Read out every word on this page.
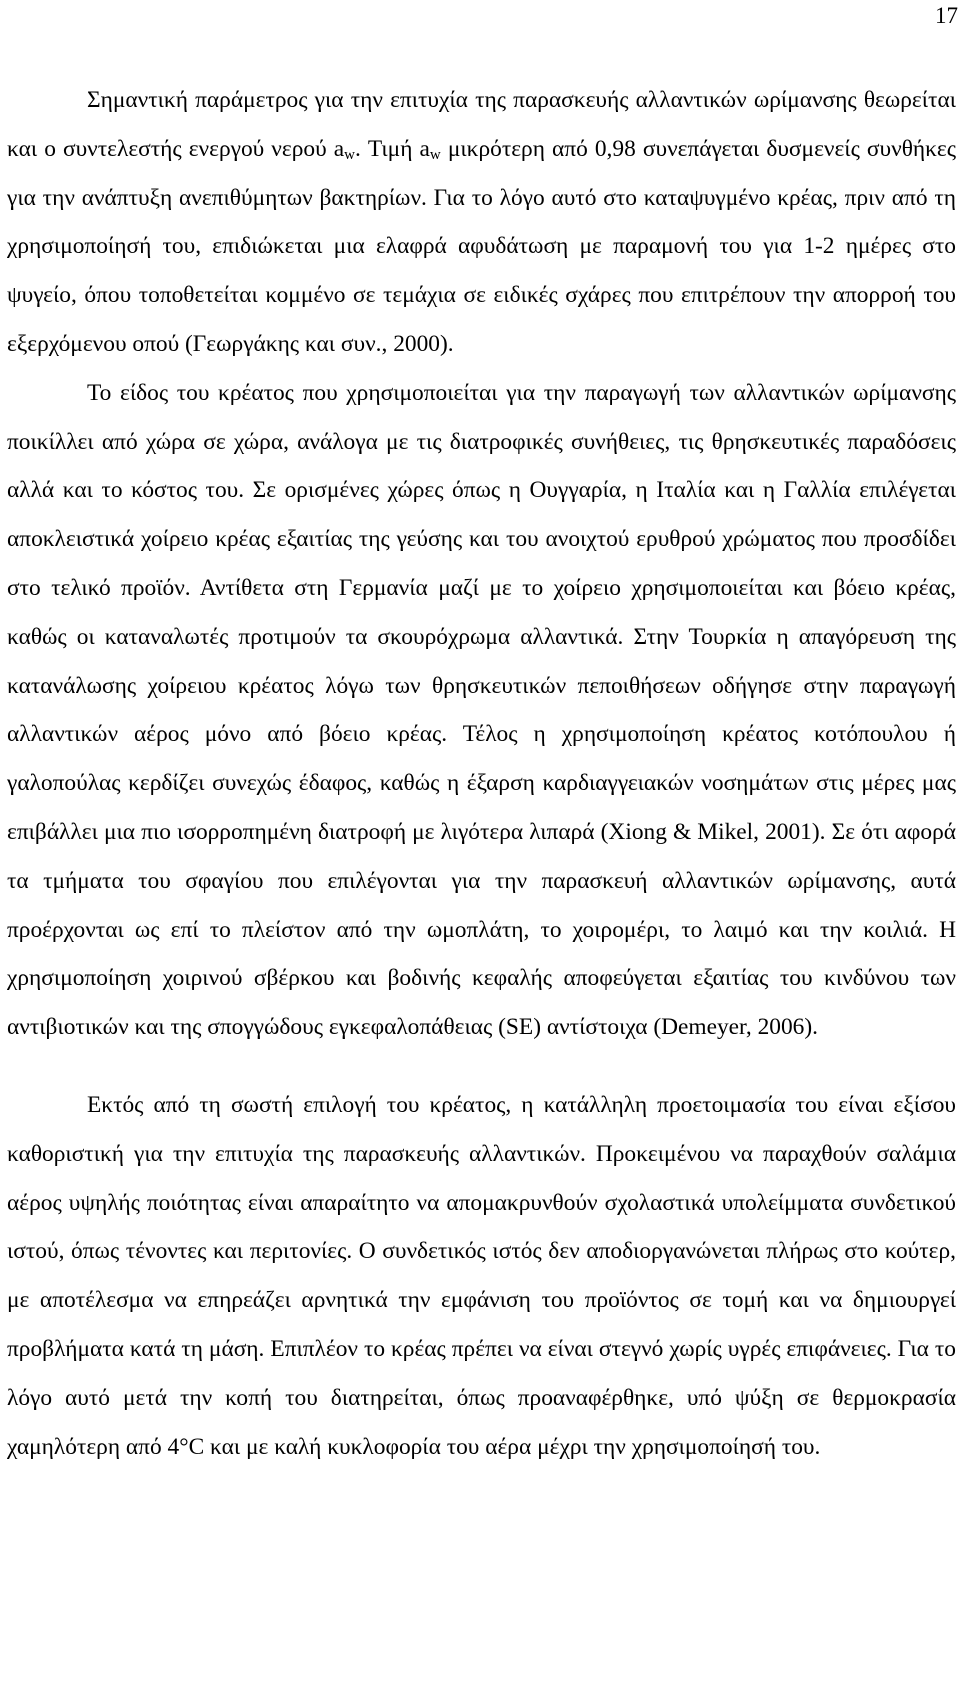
17

Σημαντική παράμετρος για την επιτυχία της παρασκευής αλλαντικών ωρίμανσης θεωρείται και ο συντελεστής ενεργού νερού $a_w$. Τιμή $a_w$ μικρότερη από 0,98 συνεπάγεται δυσμενείς συνθήκες για την ανάπτυξη ανεπιθύμητων βακτηρίων. Για το λόγο αυτό στο καταψυγμένο κρέας, πριν από τη χρησιμοποίησή του, επιδιώκεται μια ελαφρά αφυδάτωση με παραμονή του για 1-2 ημέρες στο ψυγείο, όπου τοποθετείται κομμένο σε τεμάχια σε ειδικές σχάρες που επιτρέπουν την απορροή του εξερχόμενου οπού (Γεωργάκης και συν., 2000).

Το είδος του κρέατος που χρησιμοποιείται για την παραγωγή των αλλαντικών ωρίμανσης ποικίλλει από χώρα σε χώρα, ανάλογα με τις διατροφικές συνήθειες, τις θρησκευτικές παραδόσεις αλλά και το κόστος του. Σε ορισμένες χώρες όπως η Ουγγαρία, η Ιταλία και η Γαλλία επιλέγεται αποκλειστικά χοίρειο κρέας εξαιτίας της γεύσης και του ανοιχτού ερυθρού χρώματος που προσδίδει στο τελικό προϊόν. Αντίθετα στη Γερμανία μαζί με το χοίρειο χρησιμοποιείται και βόειο κρέας, καθώς οι καταναλωτές προτιμούν τα σκουρόχρωμα αλλαντικά. Στην Τουρκία η απαγόρευση της κατανάλωσης χοίρειου κρέατος λόγω των θρησκευτικών πεποιθήσεων οδήγησε στην παραγωγή αλλαντικών αέρος μόνο από βόειο κρέας. Τέλος η χρησιμοποίηση κρέατος κοτόπουλου ή γαλοπούλας κερδίζει συνεχώς έδαφος, καθώς η έξαρση καρδιαγγειακών νοσημάτων στις μέρες μας επιβάλλει μια πιο ισορροπημένη διατροφή με λιγότερα λιπαρά (Xiong & Mikel, 2001). Σε ότι αφορά τα τμήματα του σφαγίου που επιλέγονται για την παρασκευή αλλαντικών ωρίμανσης, αυτά προέρχονται ως επί το πλείστον από την ωμοπλάτη, το χοιρομέρι, το λαιμό και την κοιλιά. Η χρησιμοποίηση χοιρινού σβέρκου και βοδινής κεφαλής αποφεύγεται εξαιτίας του κινδύνου των αντιβιοτικών και της σπογγώδους εγκεφαλοπάθειας (SE) αντίστοιχα (Demeyer, 2006).

Εκτός από τη σωστή επιλογή του κρέατος, η κατάλληλη προετοιμασία του είναι εξίσου καθοριστική για την επιτυχία της παρασκευής αλλαντικών. Προκειμένου να παραχθούν σαλάμια αέρος υψηλής ποιότητας είναι απαραίτητο να απομακρυνθούν σχολαστικά υπολείμματα συνδετικού ιστού, όπως τένοντες και περιτονίες. Ο συνδετικός ιστός δεν αποδιοργανώνεται πλήρως στο κούτερ, με αποτέλεσμα να επηρεάζει αρνητικά την εμφάνιση του προϊόντος σε τομή και να δημιουργεί προβλήματα κατά τη μάση. Επιπλέον το κρέας πρέπει να είναι στεγνό χωρίς υγρές επιφάνειες. Για το λόγο αυτό μετά την κοπή του διατηρείται, όπως προαναφέρθηκε, υπό ψύξη σε θερμοκρασία χαμηλότερη από 4°C και με καλή κυκλοφορία του αέρα μέχρι την χρησιμοποίησή του.
